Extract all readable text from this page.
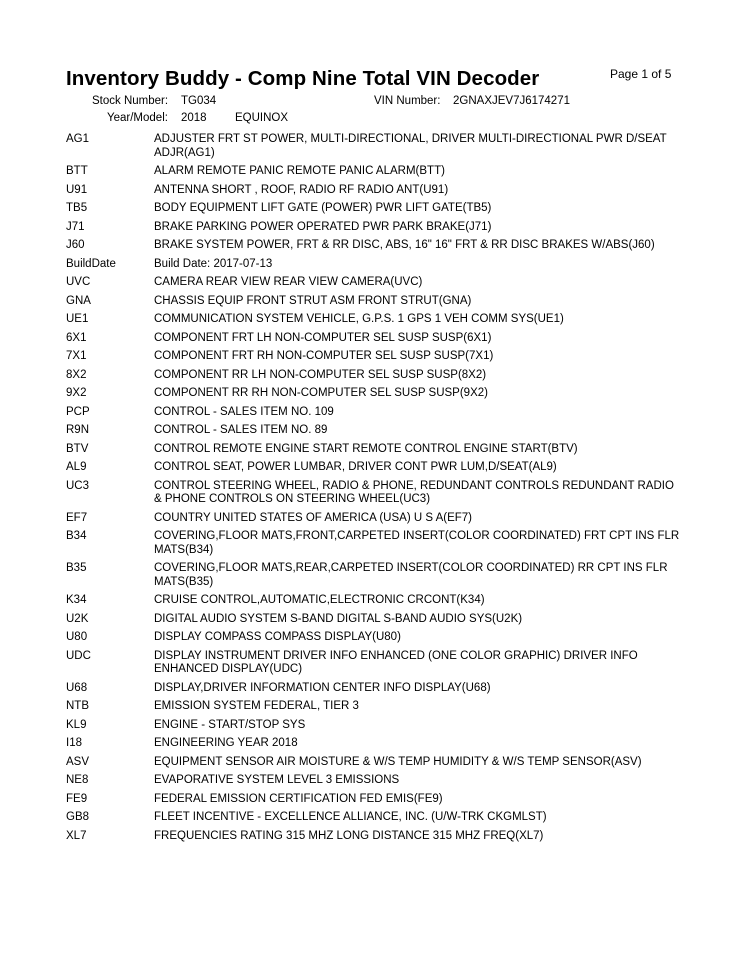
Inventory Buddy - Comp Nine Total VIN Decoder	Page 1 of 5
Stock Number: TG034	VIN Number: 2GNAXJEV7J6174271
Year/Model: 2018 EQUINOX
AG1	ADJUSTER FRT ST POWER, MULTI-DIRECTIONAL, DRIVER MULTI-DIRECTIONAL PWR D/SEAT ADJR(AG1)
BTT	ALARM REMOTE PANIC REMOTE PANIC ALARM(BTT)
U91	ANTENNA SHORT , ROOF, RADIO RF RADIO ANT(U91)
TB5	BODY EQUIPMENT LIFT GATE (POWER) PWR LIFT GATE(TB5)
J71	BRAKE PARKING POWER OPERATED PWR PARK BRAKE(J71)
J60	BRAKE SYSTEM POWER, FRT & RR DISC, ABS, 16" 16" FRT & RR DISC BRAKES W/ABS(J60)
BuildDate	Build Date: 2017-07-13
UVC	CAMERA REAR VIEW REAR VIEW CAMERA(UVC)
GNA	CHASSIS EQUIP FRONT STRUT ASM FRONT STRUT(GNA)
UE1	COMMUNICATION SYSTEM VEHICLE, G.P.S. 1 GPS 1 VEH COMM SYS(UE1)
6X1	COMPONENT FRT LH NON-COMPUTER SEL SUSP SUSP(6X1)
7X1	COMPONENT FRT RH NON-COMPUTER SEL SUSP SUSP(7X1)
8X2	COMPONENT RR LH NON-COMPUTER SEL SUSP SUSP(8X2)
9X2	COMPONENT RR RH NON-COMPUTER SEL SUSP SUSP(9X2)
PCP	CONTROL - SALES ITEM NO. 109
R9N	CONTROL - SALES ITEM NO. 89
BTV	CONTROL REMOTE ENGINE START REMOTE CONTROL ENGINE START(BTV)
AL9	CONTROL SEAT, POWER LUMBAR, DRIVER CONT PWR LUM,D/SEAT(AL9)
UC3	CONTROL STEERING WHEEL, RADIO & PHONE, REDUNDANT CONTROLS REDUNDANT RADIO & PHONE CONTROLS ON STEERING WHEEL(UC3)
EF7	COUNTRY UNITED STATES OF AMERICA (USA) U S A(EF7)
B34	COVERING,FLOOR MATS,FRONT,CARPETED INSERT(COLOR COORDINATED) FRT CPT INS FLR MATS(B34)
B35	COVERING,FLOOR MATS,REAR,CARPETED INSERT(COLOR COORDINATED) RR CPT INS FLR MATS(B35)
K34	CRUISE CONTROL,AUTOMATIC,ELECTRONIC CRCONT(K34)
U2K	DIGITAL AUDIO SYSTEM S-BAND DIGITAL S-BAND AUDIO SYS(U2K)
U80	DISPLAY COMPASS COMPASS DISPLAY(U80)
UDC	DISPLAY INSTRUMENT DRIVER INFO ENHANCED (ONE COLOR GRAPHIC) DRIVER INFO ENHANCED DISPLAY(UDC)
U68	DISPLAY,DRIVER INFORMATION CENTER INFO DISPLAY(U68)
NTB	EMISSION SYSTEM FEDERAL, TIER 3
KL9	ENGINE - START/STOP SYS
I18	ENGINEERING YEAR 2018
ASV	EQUIPMENT SENSOR AIR MOISTURE & W/S TEMP HUMIDITY & W/S TEMP SENSOR(ASV)
NE8	EVAPORATIVE SYSTEM LEVEL 3 EMISSIONS
FE9	FEDERAL EMISSION CERTIFICATION FED EMIS(FE9)
GB8	FLEET INCENTIVE - EXCELLENCE ALLIANCE, INC. (U/W-TRK CKGMLST)
XL7	FREQUENCIES RATING 315 MHZ LONG DISTANCE 315 MHZ FREQ(XL7)
